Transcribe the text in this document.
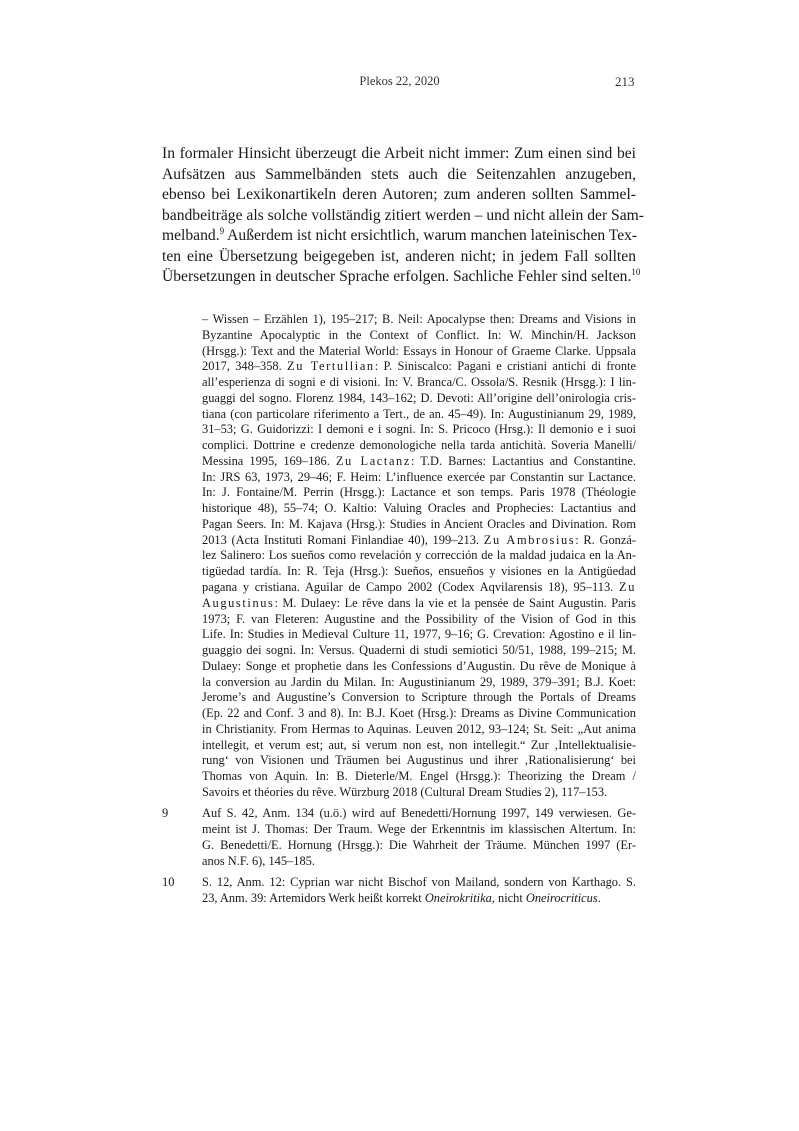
Plekos 22, 2020	213
In formaler Hinsicht überzeugt die Arbeit nicht immer: Zum einen sind bei
Aufsätzen aus Sammelbänden stets auch die Seitenzahlen anzugeben,
ebenso bei Lexikonartikeln deren Autoren; zum anderen sollten Sammel-
bandbeiträge als solche vollständig zitiert werden – und nicht allein der Sam-
melband.$^9$ Außerdem ist nicht ersichtlich, warum manchen lateinischen Tex-
ten eine Übersetzung beigegeben ist, anderen nicht; in jedem Fall sollten
Übersetzungen in deutscher Sprache erfolgen. Sachliche Fehler sind selten.$^{10}$
– Wissen – Erzählen 1), 195–217; B. Neil: Apocalypse then: Dreams and Visions in
Byzantine Apocalyptic in the Context of Conflict. In: W. Minchin/H. Jackson
(Hrsgg.): Text and the Material World: Essays in Honour of Graeme Clarke. Uppsala
2017, 348–358. Zu Tertullian: P. Siniscalco: Pagani e cristiani antichi di fronte
all’esperienza di sogni e di visioni. In: V. Branca/C. Ossola/S. Resnik (Hrsgg.): I lin-
guaggi del sogno. Florenz 1984, 143–162; D. Devoti: All’origine dell’onirologia cris-
tiana (con particolare riferimento a Tert., de an. 45–49). In: Augustinianum 29, 1989,
31–53; G. Guidorizzi: I demoni e i sogni. In: S. Pricoco (Hrsg.): Il demonio e i suoi
complici. Dottrine e credenze demonologiche nella tarda antichità. Soveria Manelli/
Messina 1995, 169–186. Zu Lactanz: T.D. Barnes: Lactantius and Constantine.
In: JRS 63, 1973, 29–46; F. Heim: L’influence exercée par Constantin sur Lactance.
In: J. Fontaine/M. Perrin (Hrsgg.): Lactance et son temps. Paris 1978 (Théologie
historique 48), 55–74; O. Kaltio: Valuing Oracles and Prophecies: Lactantius and
Pagan Seers. In: M. Kajava (Hrsg.): Studies in Ancient Oracles and Divination. Rom
2013 (Acta Instituti Romani Finlandiae 40), 199–213. Zu Ambrosius: R. Gonzá-
lez Salinero: Los sueños como revelación y corrección de la maldad judaica en la An-
tigüedad tardía. In: R. Teja (Hrsg.): Sueños, ensueños y visiones en la Antigüedad
pagana y cristiana. Aguilar de Campo 2002 (Codex Aqvilarensis 18), 95–113. Zu
Augustinus: M. Dulaey: Le rêve dans la vie et la pensée de Saint Augustin. Paris
1973; F. van Fleteren: Augustine and the Possibility of the Vision of God in this
Life. In: Studies in Medieval Culture 11, 1977, 9–16; G. Crevation: Agostino e il lin-
guaggio dei sogni. In: Versus. Quaderni di studi semiotici 50/51, 1988, 199–215; M.
Dulaey: Songe et prophetie dans les Confessions d’Augustin. Du rêve de Monique à
la conversion au Jardin du Milan. In: Augustinianum 29, 1989, 379–391; B.J. Koet:
Jerome’s and Augustine’s Conversion to Scripture through the Portals of Dreams
(Ep. 22 and Conf. 3 and 8). In: B.J. Koet (Hrsg.): Dreams as Divine Communication
in Christianity. From Hermas to Aquinas. Leuven 2012, 93–124; St. Seit: „Aut anima
intellegit, et verum est; aut, si verum non est, non intellegit.“ Zur ‚Intellektualisie-
rung‘ von Visionen und Träumen bei Augustinus und ihrer ‚Rationalisierung‘ bei
Thomas von Aquin. In: B. Dieterle/M. Engel (Hrsgg.): Theorizing the Dream /
Savoirs et théories du rêve. Würzburg 2018 (Cultural Dream Studies 2), 117–153.
9	Auf S. 42, Anm. 134 (u.ö.) wird auf Benedetti/Hornung 1997, 149 verwiesen. Ge-
meint ist J. Thomas: Der Traum. Wege der Erkenntnis im klassischen Altertum. In:
G. Benedetti/E. Hornung (Hrsgg.): Die Wahrheit der Träume. München 1997 (Er-
anos N.F. 6), 145–185.
10 S. 12, Anm. 12: Cyprian war nicht Bischof von Mailand, sondern von Karthago. S.
23, Anm. 39: Artemidors Werk heißt korrekt Oneirokritika, nicht Oneirocriticus.
